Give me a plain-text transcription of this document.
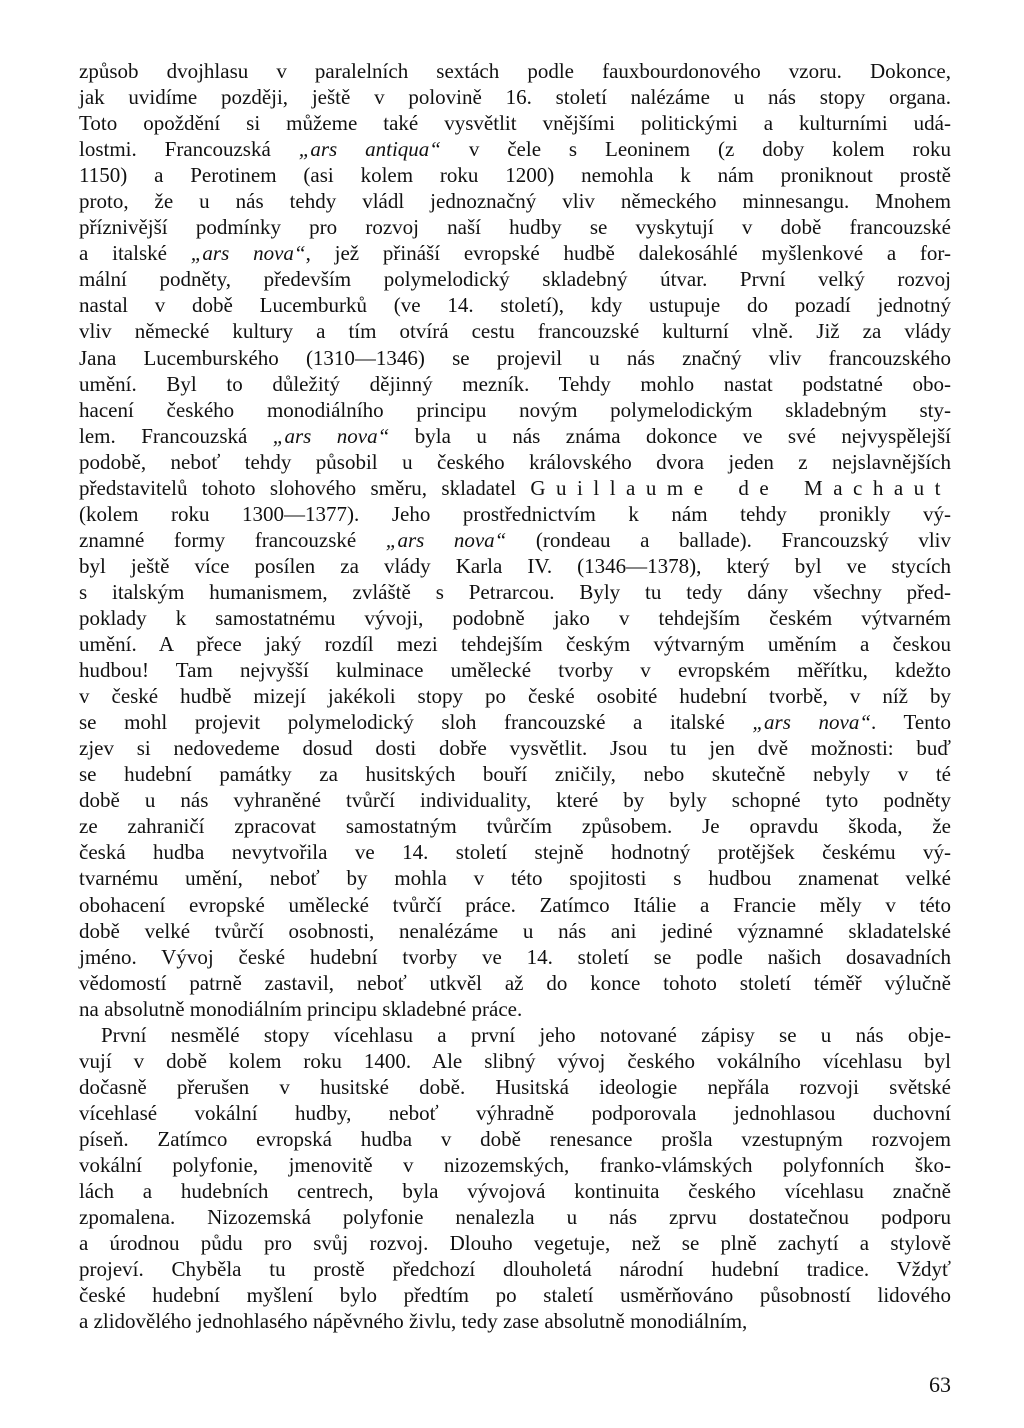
způsob dvojhlasu v paralelních sextách podle fauxbourdonového vzoru. Dokonce,
jak uvidíme později, ještě v polovině 16. století nalézáme u nás stopy organa.
Toto opoždění si můžeme také vysvětlit vnějšími politickými a kulturními udá-
lostmi. Francouzská „ars antiqua“ v čele s Leoninem (z doby kolem roku
1150) a Perotinem (asi kolem roku 1200) nemohla k nám proniknout prostě
proto, že u nás tehdy vládl jednoznačný vliv německého minnesangu. Mnohem
příznivější podmínky pro rozvoj naší hudby se vyskytují v době francouzské
a italské „ars nova“, jež přináší evropské hudbě dalekosáhlé myšlenkové a for-
mální podněty, především polymelodický skladebný útvar. První velký rozvoj
nastal v době Lucemburků (ve 14. století), kdy ustupuje do pozadí jednotný
vliv německé kultury a tím otvírá cestu francouzské kulturní vlně. Již za vlády
Jana Lucemburského (1310—1346) se projevil u nás značný vliv francouzského
umění. Byl to důležitý dějinný mezník. Tehdy mohlo nastat podstatné obo-
hacení českého monodiálního principu novým polymelodickým skladebným sty-
lem. Francouzská „ars nova“ byla u nás známa dokonce ve své nejvyspělejší
podobě, neboť tehdy působil u českého královského dvora jeden z nejslavnějších
představitelů tohoto slohového směru, skladatel Guillaume de Machaut
(kolem roku 1300—1377). Jeho prostřednictvím k nám tehdy pronikly vý-
znamné formy francouzské „ars nova“ (rondeau a ballade). Francouzský vliv
byl ještě více posílen za vlády Karla IV. (1346—1378), který byl ve stycích
s italským humanismem, zvláště s Petrarcou. Byly tu tedy dány všechny před-
poklady k samostatnému vývoji, podobně jako v tehdejším českém výtvarném
umění. A přece jaký rozdíl mezi tehdejším českým výtvarným uměním a českou
hudbou! Tam nejvyšší kulminace umělecké tvorby v evropském měřítku, kdežto
v české hudbě mizejí jakékoli stopy po české osobité hudební tvorbě, v níž by
se mohl projevit polymelodický sloh francouzské a italské „ars nova“. Tento
zjev si nedovedeme dosud dosti dobře vysvětlit. Jsou tu jen dvě možnosti: buď
se hudební památky za husitských bouří zničily, nebo skutečně nebyly v té
době u nás vyhraněné tvůrčí individuality, které by byly schopné tyto podněty
ze zahraničí zpracovat samostatným tvůrčím způsobem. Je opravdu škoda, že
česká hudba nevytvořila ve 14. století stejně hodnotný protějšek českému vý-
tvarnému umění, neboť by mohla v této spojitosti s hudbou znamenat velké
obohacení evropské umělecké tvůrčí práce. Zatímco Itálie a Francie měly v této
době velké tvůrčí osobnosti, nenalézáme u nás ani jediné významné skladatelské
jméno. Vývoj české hudební tvorby ve 14. století se podle našich dosavadních
vědomostí patrně zastavil, neboť utkvěl až do konce tohoto století téměř výlučně
na absolutně monodiálním principu skladebné práce.
První nesmělé stopy vícehlasu a první jeho notované zápisy se u nás obje-
vují v době kolem roku 1400. Ale slibný vývoj českého vokálního vícehlasu byl
dočasně přerušen v husitské době. Husitská ideologie nepřála rozvoji světské
vícehlasé vokální hudby, neboť výhradně podporovala jednohlasou duchovní
píseň. Zatímco evropská hudba v době renesance prošla vzestupným rozvojem
vokální polyfonie, jmenovitě v nizozemských, franko-vlámských polyfonních ško-
lách a hudebních centrech, byla vývojová kontinuita českého vícehlasu značně
zpomalena. Nizozemská polyfonie nenalezla u nás zprvu dostatečnou podporu
a úrodnou půdu pro svůj rozvoj. Dlouho vegetuje, než se plně zachytí a stylově
projeví. Chyběla tu prostě předchozí dlouholetá národní hudební tradice. Vždyť
české hudební myšlení bylo předtím po staletí usměrňováno působností lidového
a zlidovělého jednohlasého nápěvného živlu, tedy zase absolutně monodiálním,
63
